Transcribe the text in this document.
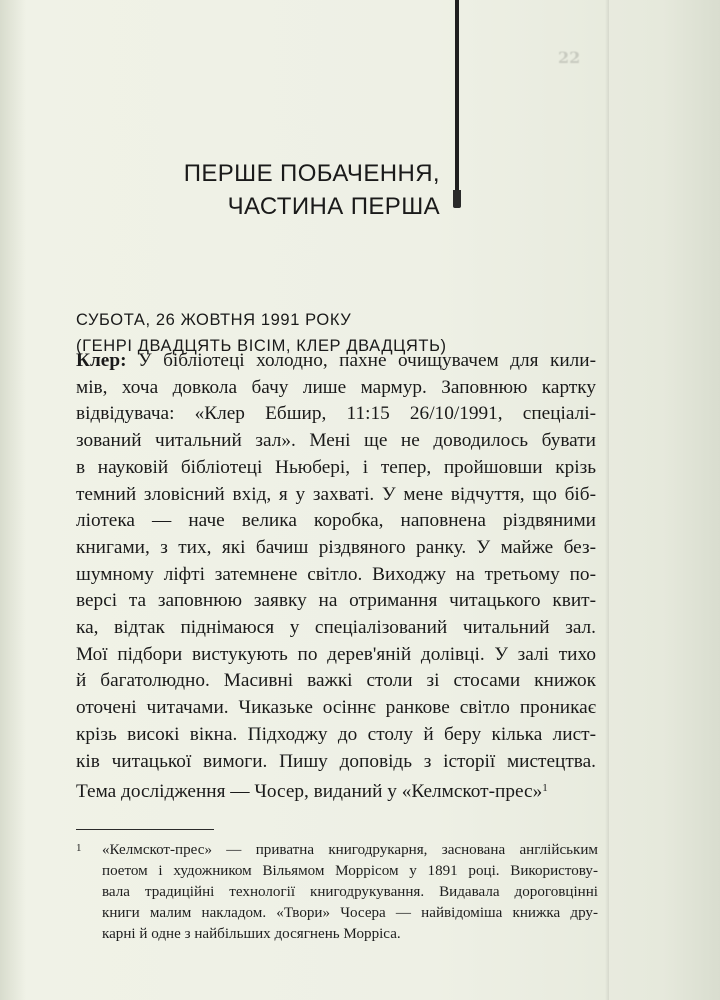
22
ПЕРШЕ ПОБАЧЕННЯ,
ЧАСТИНА ПЕРША
СУБОТА, 26 ЖОВТНЯ 1991 РОКУ
(ГЕНРІ ДВАДЦЯТЬ ВІСІМ, КЛЕР ДВАДЦЯТЬ)
Клер: У бібліотеці холодно, пахне очищувачем для кили-
мів, хоча довкола бачу лише мармур. Заповнюю картку
відвідувача: «Клер Ебшир, 11:15 26/10/1991, спеціалі-
зований читальний зал». Мені ще не доводилось бувати
в науковій бібліотеці Ньюбері, і тепер, пройшовши крізь
темний зловісний вхід, я у захваті. У мене відчуття, що біб-
ліотека — наче велика коробка, наповнена різдвяними
книгами, з тих, які бачиш різдвяного ранку. У майже без-
шумному ліфті затемнене світло. Виходжу на третьому по-
версі та заповнюю заявку на отримання читацького квит-
ка, відтак піднімаюся у спеціалізований читальний зал.
Мої підбори вистукують по дерев'яній долівці. У залі тихо
й багатолюдно. Масивні важкі столи зі стосами книжок
оточені читачами. Чиказьке осіннє ранкове світло проникає
крізь високі вікна. Підходжу до столу й беру кілька лист-
ків читацької вимоги. Пишу доповідь з історії мистецтва.
Тема дослідження — Чосер, виданий у «Келмскот-прес»$^1$
1 «Келмскот-прес» — приватна книгодрукарня, заснована англійським
поетом і художником Вільямом Моррісом у 1891 році. Використову-
вала традиційні технології книгодрукування. Видавала дороговцінні
книги малим накладом. «Твори» Чосера — найвідоміша книжка дру-
карні й одне з найбільших досягнень Морріса.
